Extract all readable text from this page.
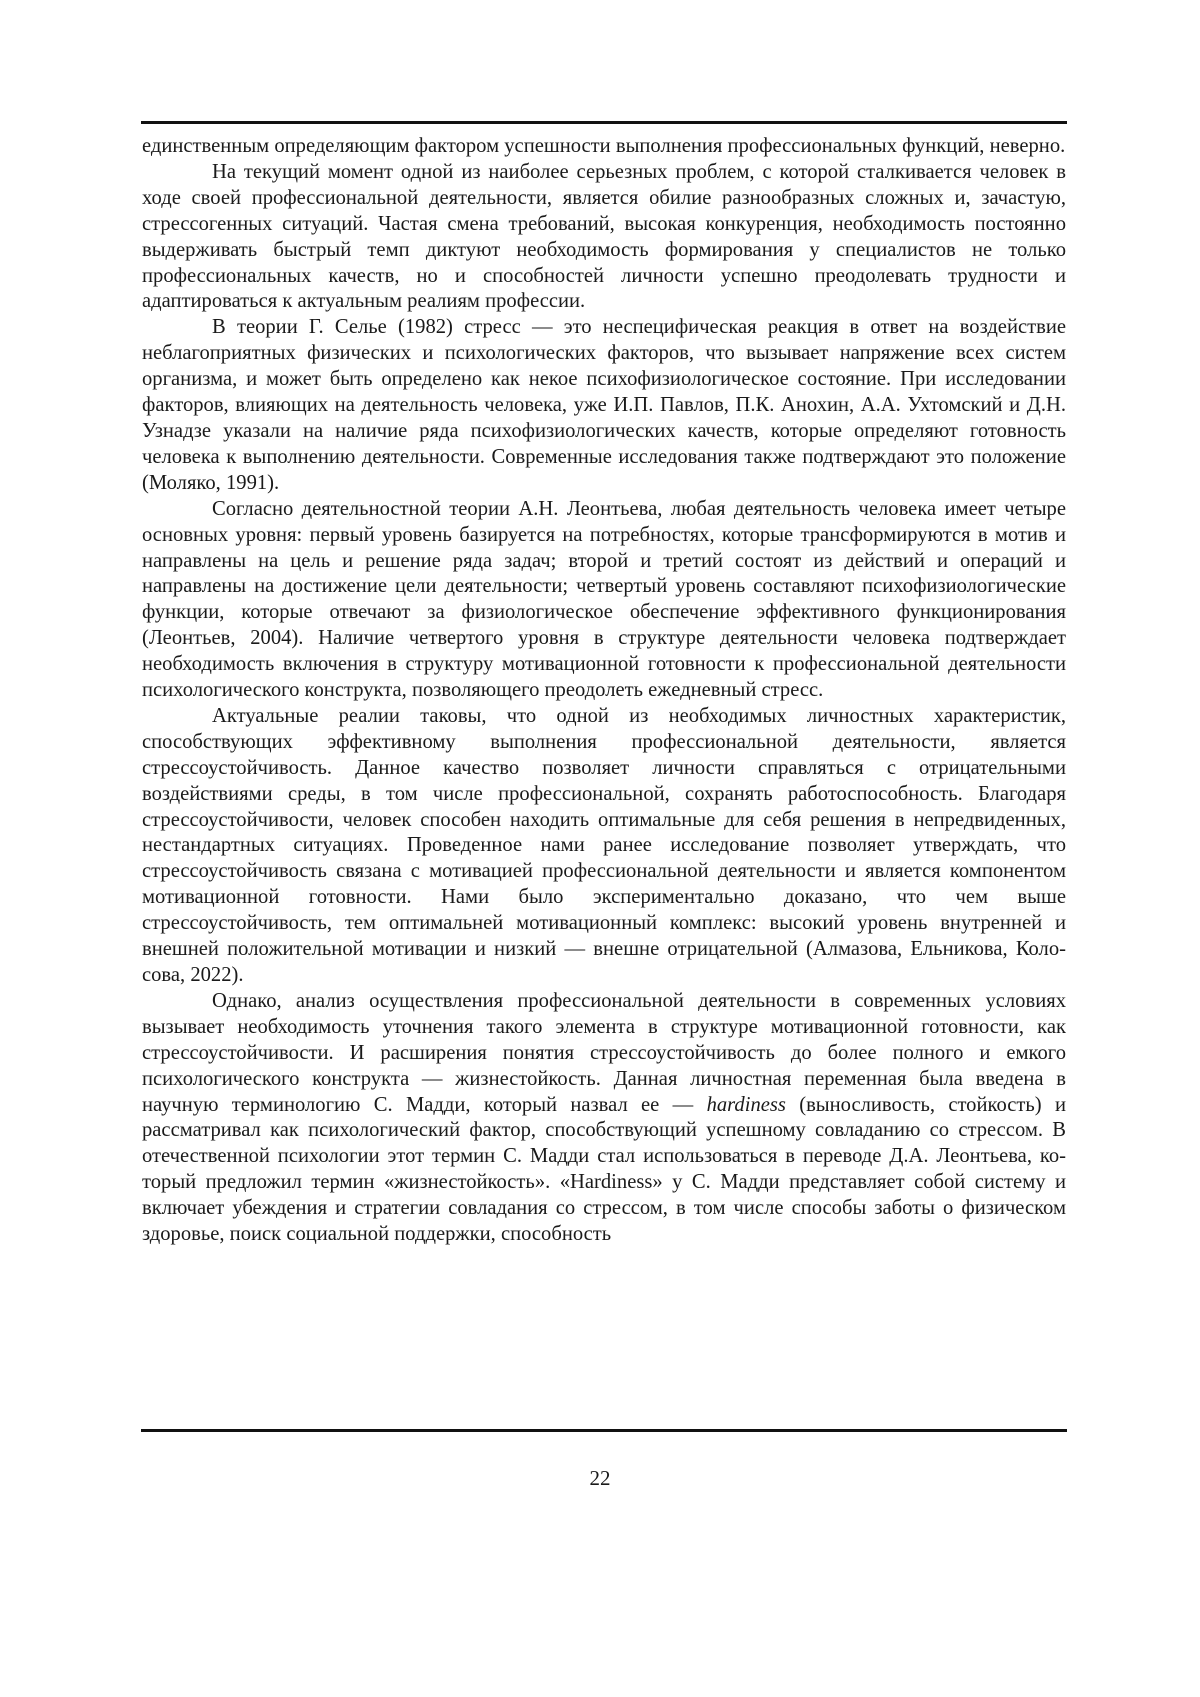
единственным определяющим фактором успешности выполнения профессиональных функций, неверно.

На текущий момент одной из наиболее серьезных проблем, с которой сталкивается человек в ходе своей профессиональной деятельности, является обилие разнообразных сложных и, зачастую, стрессогенных ситуаций. Частая смена требований, высокая конкуренция, необходимость постоянно выдерживать быстрый темп диктуют необходимость формирования у специалистов не только профессиональных качеств, но и способностей личности успешно преодолевать трудности и адаптироваться к актуальным реалиям профессии.

В теории Г. Селье (1982) стресс — это неспецифическая реакция в ответ на воздействие неблагоприятных физических и психологических факторов, что вызывает напряжение всех систем организма, и может быть определено как некое психофизиологическое состояние. При исследовании факторов, влияющих на деятельность человека, уже И.П. Павлов, П.К. Анохин, А.А. Ухтомский и Д.Н. Узнадзе указали на наличие ряда психофизиологических качеств, которые определяют готовность человека к выполнению деятельности. Современные исследования также подтверждают это положение (Моляко, 1991).

Согласно деятельностной теории А.Н. Леонтьева, любая деятельность человека имеет четыре основных уровня: первый уровень базируется на потребностях, которые трансформируются в мотив и направлены на цель и решение ряда задач; второй и третий состоят из действий и операций и направлены на достижение цели деятельности; четвертый уровень составляют психофизиологические функции, которые отвечают за физиологическое обеспечение эффективного функционирования (Леонтьев, 2004). Наличие четвертого уровня в структуре деятельности человека подтверждает необходимость включения в структуру мотивационной готовности к профессиональной деятельности психологического конструкта, позволяющего преодолеть ежедневный стресс.

Актуальные реалии таковы, что одной из необходимых личностных характеристик, способствующих эффективному выполнения профессиональной деятельности, является стрессоустойчивость. Данное качество позволяет личности справляться с отрицательными воздействиями среды, в том числе профессиональной, сохранять работоспособность. Благодаря стрессоустойчивости, человек способен находить оптимальные для себя решения в непредвиденных, нестандартных ситуациях. Проведенное нами ранее исследование позволяет утверждать, что стрессоустойчивость связана с мотивацией профессиональной деятельности и является компонентом мотивационной готовности. Нами было экспериментально доказано, что чем выше стрессоустойчивость, тем оптимальней мотивационный комплекс: высокий уровень внутренней и внешней положительной мотивации и низкий — внешне отрицательной (Алмазова, Ельникова, Колосова, 2022).

Однако, анализ осуществления профессиональной деятельности в современных условиях вызывает необходимость уточнения такого элемента в структуре мотивационной готовности, как стрессоустойчивости. И расширения понятия стрессоустойчивость до более полного и емкого психологического конструкта — жизнестойкость. Данная личностная переменная была введена в научную терминологию С. Мадди, который назвал ее — hardiness (выносливость, стойкость) и рассматривал как психологический фактор, способствующий успешному совладанию со стрессом. В отечественной психологии этот термин С. Мадди стал использоваться в переводе Д.А. Леонтьева, который предложил термин «жизнестойкость». «Hardiness» у С. Мадди представляет собой систему и включает убеждения и стратегии совладания со стрессом, в том числе способы заботы о физическом здоровье, поиск социальной поддержки, способность

22
